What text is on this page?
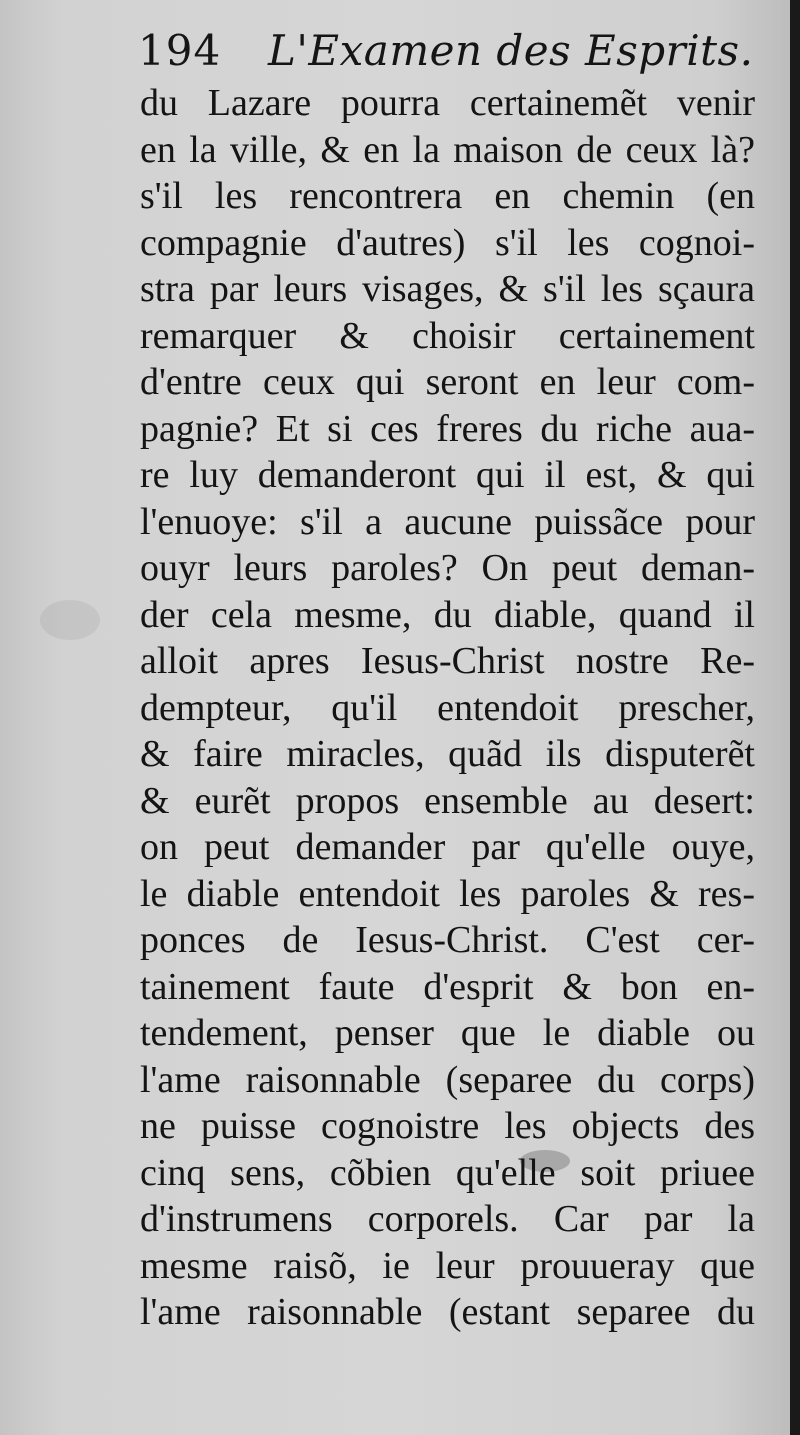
194 L'Examen des Esprits.
du Lazare pourra certainemẽt venir
en la ville, & en la maison de ceux là?
s'il les rencontrera en chemin (en
compagnie d'autres) s'il les cognoi-
stra par leurs visages, & s'il les sçaura
remarquer & choisir certainement
d'entre ceux qui seront en leur com-
pagnie? Et si ces freres du riche aua-
re luy demanderont qui il est, & qui
l'enuoye: s'il a aucune puissãce pour
ouyr leurs paroles? On peut deman-
der cela mesme, du diable, quand il
alloit apres Iesus-Christ nostre Re-
dempteur, qu'il entendoit prescher,
& faire miracles, quãd ils disputerẽt
& eurẽt propos ensemble au desert:
on peut demander par qu'elle ouye,
le diable entendoit les paroles & res-
ponces de Iesus-Christ. C'est cer-
tainement faute d'esprit & bon en-
tendement, penser que le diable ou
l'ame raisonnable (separee du corps)
ne puisse cognoistre les objects des
cinq sens, cõbien qu'elle soit priuee
d'instrumens corporels. Car par la
mesme raisõ, ie leur prouueray que
l'ame raisonnable (estant separee du
